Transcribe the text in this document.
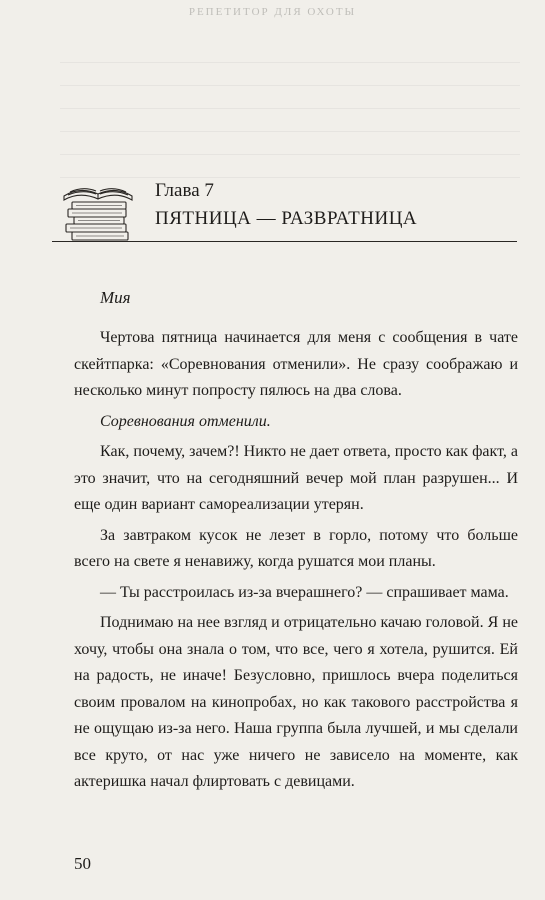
РЕПЕТИТОР ДЛЯ ОХОТЫ
Глава 7
ПЯТНИЦА — РАЗВРАТНИЦА
Мия

Чертова пятница начинается для меня с сообщения в чате скейтпарка: «Соревнования отменили». Не сразу соображаю и несколько минут попросту пялюсь на два слова.

Соревнования отменили.

Как, почему, зачем?! Никто не дает ответа, просто как факт, а это значит, что на сегодняшний вечер мой план разрушен... И еще один вариант самореализации утерян.

За завтраком кусок не лезет в горло, потому что больше всего на свете я ненавижу, когда рушатся мои планы.

— Ты расстроилась из-за вчерашнего? — спрашивает мама.

Поднимаю на нее взгляд и отрицательно качаю головой. Я не хочу, чтобы она знала о том, что все, чего я хотела, рушится. Ей на радость, не иначе! Безусловно, пришлось вчера поделиться своим провалом на кинопробах, но как такового расстройства я не ощущаю из-за него. Наша группа была лучшей, и мы сделали все круто, от нас уже ничего не зависело на моменте, как актеришка начал флиртовать с девицами.

50
